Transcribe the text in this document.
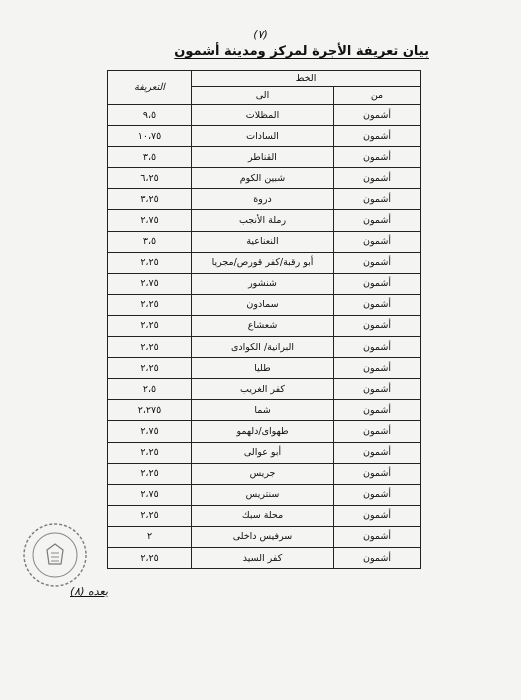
(٧)
بيان تعريفة الأجرة لمركز ومدينة أشمون
الخط		التعريفة
من	الى	
أشمون	المظلات	٩،٥
أشمون	السادات	١٠،٧٥
أشمون	القناطر	٣،٥
أشمون	شبين الكوم	٦،٢٥
أشمون	دروة	٣،٢٥
أشمون	رملة الأنجب	٢،٧٥
أشمون	النعناعية	٣،٥
أشمون	أبو رقبة/كفر قورص/مجريا	٢،٢٥
أشمون	شنشور	٢،٧٥
أشمون	سمادون	٢،٢٥
أشمون	شعشاع	٢،٢٥
أشمون	البرانية/ الكوادى	٢،٢٥
أشمون	طليا	٢،٢٥
أشمون	كفر الغريب	٢،٥
أشمون	شما	٢،٢٧٥
أشمون	طهواى/دلهمو	٢،٧٥
أشمون	أبو عوالى	٢،٢٥
أشمون	جريس	٢،٢٥
أشمون	سنتريس	٢،٧٥
أشمون	محلة سبك	٢،٢٥
أشمون	سرفيس داخلى	٢
أشمون	كفر السيد	٢،٢٥
بعده (٨)
